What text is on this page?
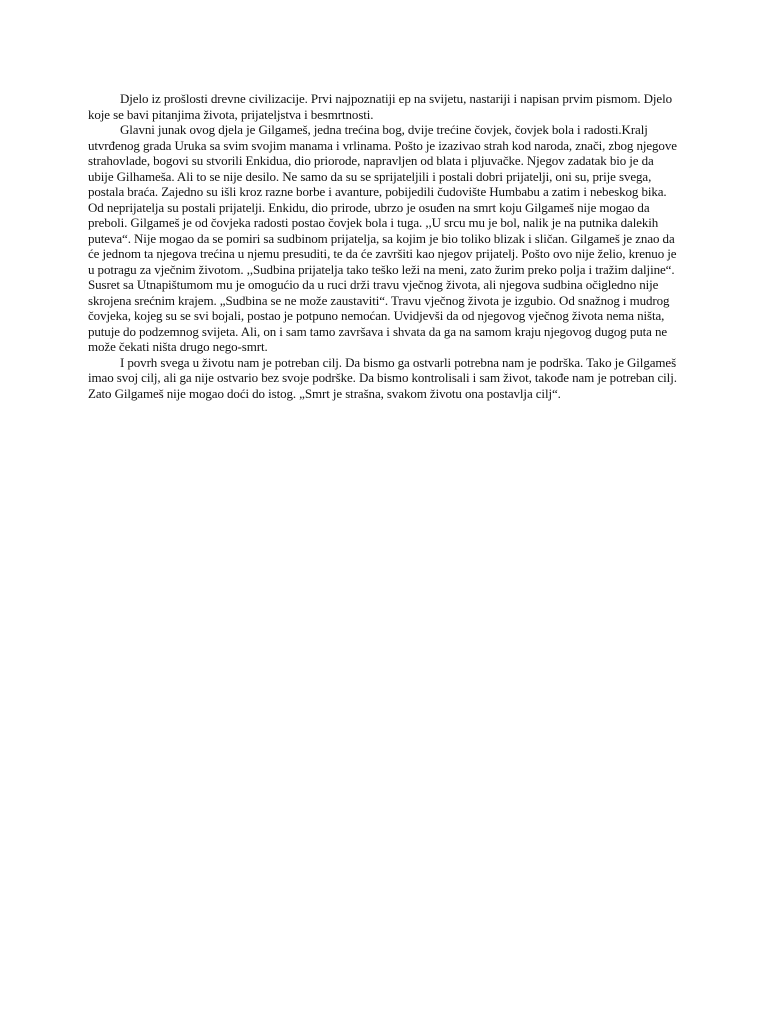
Djelo iz prošlosti drevne civilizacije. Prvi najpoznatiji ep na svijetu, nastariji i napisan prvim pismom. Djelo koje se bavi pitanjima života, prijateljstva i besmrtnosti.

Glavni junak ovog djela je Gilgameš, jedna trećina bog, dvije trećine čovjek, čovjek bola i radosti.Kralj utvrđenog grada Uruka sa svim svojim manama i vrlinama. Pošto je izazivao strah kod naroda, znači, zbog njegove strahovlade, bogovi su stvorili Enkidua, dio priorode, napravljen od blata i pljuvačke. Njegov zadatak bio je da ubije Gilhameša. Ali to se nije desilo. Ne samo da su se sprijateljili i postali dobri prijatelji, oni su, prije svega, postala braća. Zajedno su išli kroz razne borbe i avanture, pobijedili čudovište Humbabu a zatim i nebeskog bika. Od neprijatelja su postali prijatelji. Enkidu, dio prirode, ubrzo je osuđen na smrt koju Gilgameš nije mogao da preboli. Gilgameš je od čovjeka radosti postao čovjek bola i tuga. ,,U srcu mu je bol, nalik je na putnika dalekih puteva“. Nije mogao da se pomiri sa sudbinom prijatelja, sa kojim je bio toliko blizak i sličan. Gilgameš je znao da će jednom ta njegova trećina u njemu presuditi, te da će završiti kao njegov prijatelj. Pošto ovo nije želio, krenuo je u potragu za vječnim životom. ,,Sudbina prijatelja tako teško leži na meni, zato žurim preko polja i tražim daljine“. Susret sa Utnapištumom mu je omogućio da u ruci drži travu vječnog života, ali njegova sudbina očigledno nije skrojena srećnim krajem. „Sudbina se ne može zaustaviti“. Travu vječnog života je izgubio. Od snažnog i mudrog čovjeka, kojeg su se svi bojali, postao je potpuno nemoćan. Uvidjevši da od njegovog vječnog života nema ništa, putuje do podzemnog svijeta. Ali, on i sam tamo završava i shvata da ga na samom kraju njegovog dugog puta ne može čekati ništa drugo nego-smrt.

I povrh svega u životu nam je potreban cilj. Da bismo ga ostvarli potrebna nam je podrška. Tako je Gilgameš imao svoj cilj, ali ga nije ostvario bez svoje podrške. Da bismo kontrolisali i sam život, takođe nam je potreban cilj. Zato Gilgameš nije mogao doći do istog. „Smrt je strašna, svakom životu ona postavlja cilj“.
